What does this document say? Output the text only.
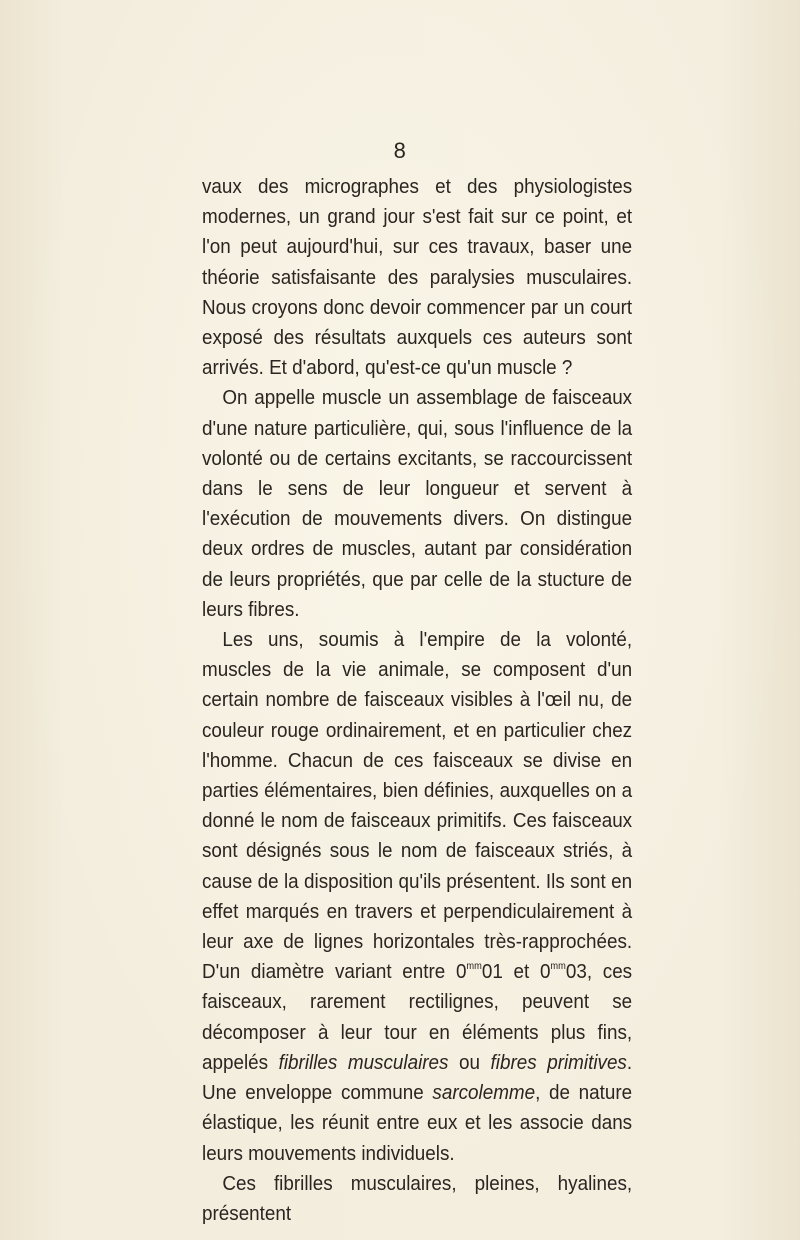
8

vaux des micrographes et des physiologistes modernes, un grand jour s'est fait sur ce point, et l'on peut aujourd'hui, sur ces travaux, baser une théorie satisfaisante des paralysies musculaires. Nous croyons donc devoir commencer par un court exposé des résultats auxquels ces auteurs sont arrivés. Et d'abord, qu'est-ce qu'un muscle ?

On appelle muscle un assemblage de faisceaux d'une nature particulière, qui, sous l'influence de la volonté ou de certains excitants, se raccourcissent dans le sens de leur longueur et servent à l'exécution de mouvements divers. On distingue deux ordres de muscles, autant par considération de leurs propriétés, que par celle de la stucture de leurs fibres.

Les uns, soumis à l'empire de la volonté, muscles de la vie animale, se composent d'un certain nombre de faisceaux visibles à l'œil nu, de couleur rouge ordinairement, et en particulier chez l'homme. Chacun de ces faisceaux se divise en parties élémentaires, bien définies, auxquelles on a donné le nom de faisceaux primitifs. Ces faisceaux sont désignés sous le nom de faisceaux striés, à cause de la disposition qu'ils présentent. Ils sont en effet marqués en travers et perpendiculairement à leur axe de lignes horizontales très-rapprochées. D'un diamètre variant entre $0^{mm}01$ et $0^{mm}03$, ces faisceaux, rarement rectilignes, peuvent se décomposer à leur tour en éléments plus fins, appelés fibrilles musculaires ou fibres primitives. Une enveloppe commune sarcolemme, de nature élastique, les réunit entre eux et les associe dans leurs mouvements individuels.

Ces fibrilles musculaires, pleines, hyalines, présentent
